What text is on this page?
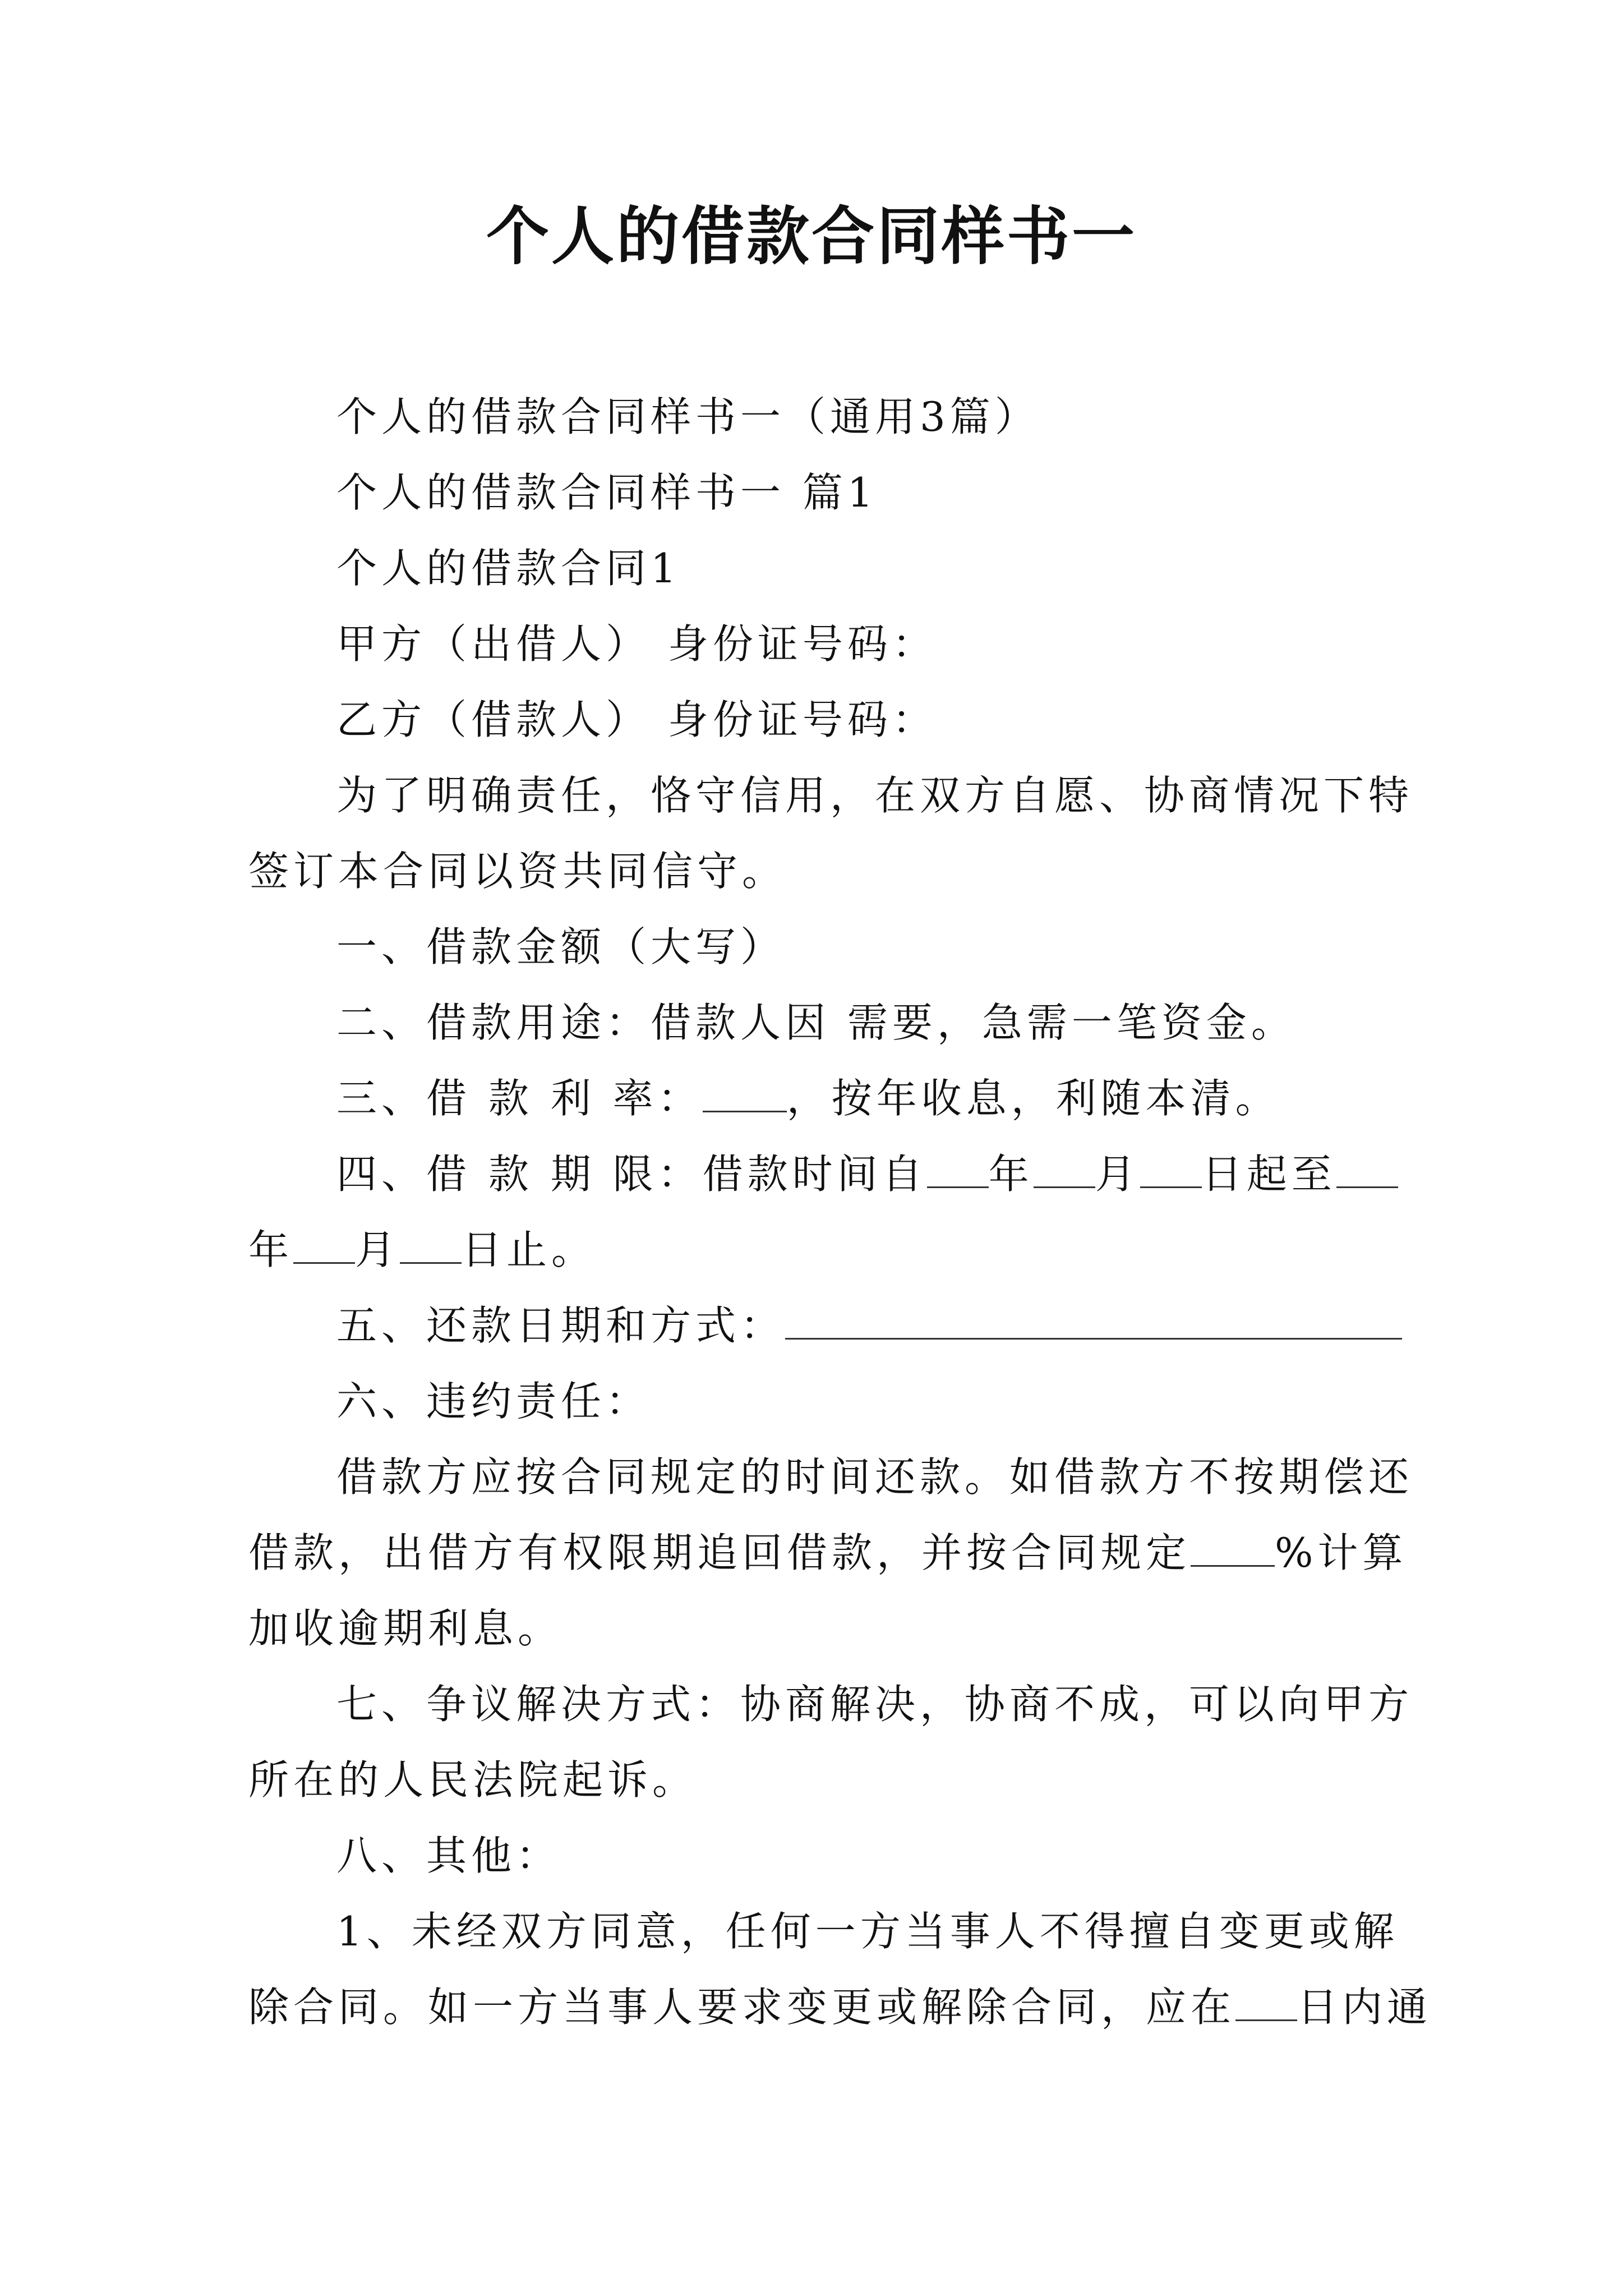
个人的借款合同样书一
个人的借款合同样书一（通用3篇）
个人的借款合同样书一 篇1
个人的借款合同1
甲方（出借人） 身份证号码：
乙方（借款人） 身份证号码：
为了明确责任，恪守信用，在双方自愿、协商情况下特
签订本合同以资共同信守。
一、借款金额（大写）
二、借款用途：借款人因 需要，急需一笔资金。
三、借 款 利 率： ，按年收息，利随本清。
四、借 款 期 限：借款时间自 年 月 日起至
年 月 日止。
五、还款日期和方式：
六、违约责任：
借款方应按合同规定的时间还款。如借款方不按期偿还
借款，出借方有权限期追回借款，并按合同规定 %计算
加收逾期利息。
七、争议解决方式：协商解决，协商不成，可以向甲方
所在的人民法院起诉。
八、其他：
1、未经双方同意，任何一方当事人不得擅自变更或解
除合同。如一方当事人要求变更或解除合同，应在 日内通
